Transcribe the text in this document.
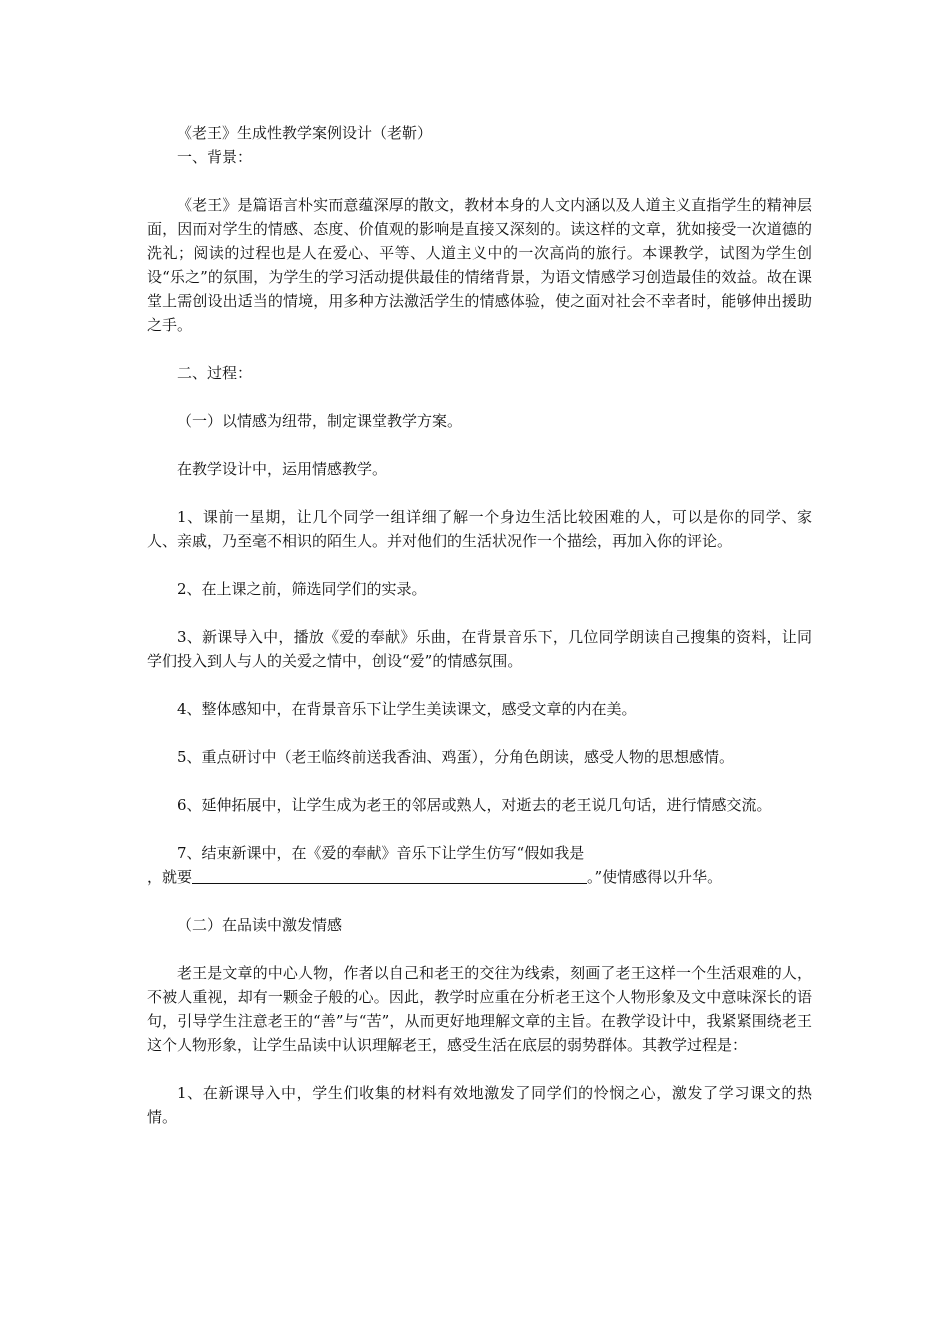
《老王》生成性教学案例设计（老靳）
一、背景：
《老王》是篇语言朴实而意蕴深厚的散文，教材本身的人文内涵以及人道主义直指学生的精神层面，因而对学生的情感、态度、价值观的影响是直接又深刻的。读这样的文章，犹如接受一次道德的洗礼；阅读的过程也是人在爱心、平等、人道主义中的一次高尚的旅行。本课教学，试图为学生创设“乐之”的氛围，为学生的学习活动提供最佳的情绪背景，为语文情感学习创造最佳的效益。故在课堂上需创设出适当的情境，用多种方法激活学生的情感体验，使之面对社会不幸者时，能够伸出援助之手。
二、过程：
（一）以情感为纽带，制定课堂教学方案。
在教学设计中，运用情感教学。
1、课前一星期，让几个同学一组详细了解一个身边生活比较困难的人，可以是你的同学、家人、亲戚，乃至毫不相识的陌生人。并对他们的生活状况作一个描绘，再加入你的评论。
2、在上课之前，筛选同学们的实录。
3、新课导入中，播放《爱的奉献》乐曲，在背景音乐下，几位同学朗读自己搜集的资料，让同学们投入到人与人的关爱之情中，创设“爱”的情感氛围。
4、整体感知中，在背景音乐下让学生美读课文，感受文章的内在美。
5、重点研讨中（老王临终前送我香油、鸡蛋），分角色朗读，感受人物的思想感情。
6、延伸拓展中，让学生成为老王的邻居或熟人，对逝去的老王说几句话，进行情感交流。
7、结束新课中，在《爱的奉献》音乐下让学生仿写“假如我是
，就要	。”使情感得以升华。
（二）在品读中激发情感
老王是文章的中心人物，作者以自己和老王的交往为线索，刻画了老王这样一个生活艰难的人，不被人重视，却有一颗金子般的心。因此，教学时应重在分析老王这个人物形象及文中意味深长的语句，引导学生注意老王的“善”与“苦”，从而更好地理解文章的主旨。在教学设计中，我紧紧围绕老王这个人物形象，让学生品读中认识理解老王，感受生活在底层的弱势群体。其教学过程是：
1、在新课导入中，学生们收集的材料有效地激发了同学们的怜悯之心，激发了学习课文的热情。
